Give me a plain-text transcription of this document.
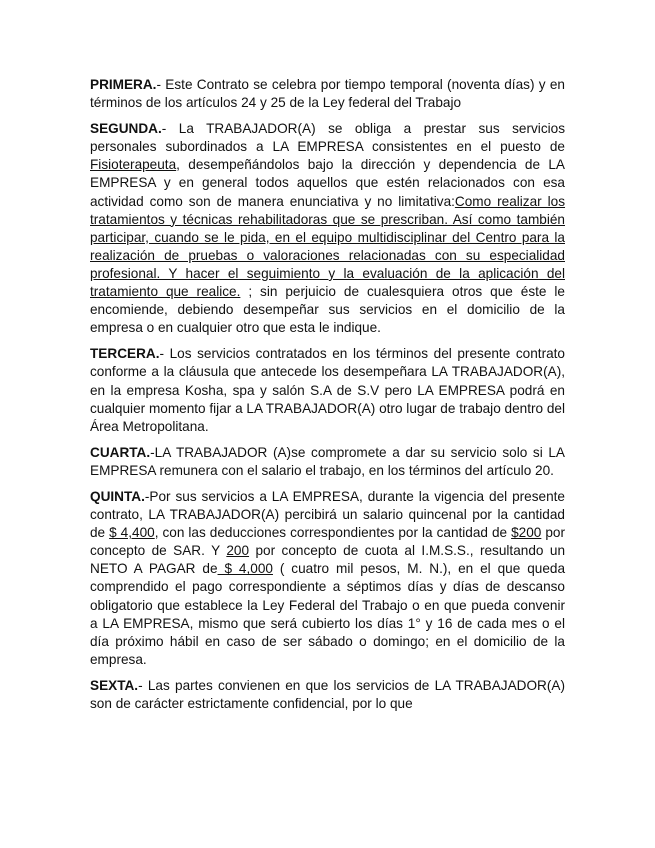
PRIMERA.- Este Contrato se celebra por tiempo temporal (noventa días) y en términos de los artículos 24 y 25 de la Ley federal del Trabajo

SEGUNDA.- La TRABAJADOR(A) se obliga a prestar sus servicios personales subordinados a LA EMPRESA consistentes en el puesto de Fisioterapeuta, desempeñándolos bajo la dirección y dependencia de LA EMPRESA y en general todos aquellos que estén relacionados con esa actividad como son de manera enunciativa y no limitativa:Como realizar los tratamientos y técnicas rehabilitadoras que se prescriban. Así como también participar, cuando se le pida, en el equipo multidisciplinar del Centro para la realización de pruebas o valoraciones relacionadas con su especialidad profesional. Y hacer el seguimiento y la evaluación de la aplicación del tratamiento que realice. ; sin perjuicio de cualesquiera otros que éste le encomiende, debiendo desempeñar sus servicios en el domicilio de la empresa o en cualquier otro que esta le indique.

TERCERA.- Los servicios contratados en los términos del presente contrato conforme a la cláusula que antecede los desempeñara LA TRABAJADOR(A), en la empresa Kosha, spa y salón S.A de S.V pero LA EMPRESA podrá en cualquier momento fijar a LA TRABAJADOR(A) otro lugar de trabajo dentro del Área Metropolitana.

CUARTA.-LA TRABAJADOR (A)se compromete a dar su servicio solo si LA EMPRESA remunera con el salario el trabajo, en los términos del artículo 20.

QUINTA.-Por sus servicios a LA EMPRESA, durante la vigencia del presente contrato, LA TRABAJADOR(A) percibirá un salario quincenal por la cantidad de $ 4,400, con las deducciones correspondientes por la cantidad de $200 por concepto de SAR. Y 200 por concepto de cuota al I.M.S.S., resultando un NETO A PAGAR de $ 4,000 ( cuatro mil pesos, M. N.), en el que queda comprendido el pago correspondiente a séptimos días y días de descanso obligatorio que establece la Ley Federal del Trabajo o en que pueda convenir a LA EMPRESA, mismo que será cubierto los días 1° y 16 de cada mes o el día próximo hábil en caso de ser sábado o domingo; en el domicilio de la empresa.

SEXTA.- Las partes convienen en que los servicios de LA TRABAJADOR(A) son de carácter estrictamente confidencial, por lo que
